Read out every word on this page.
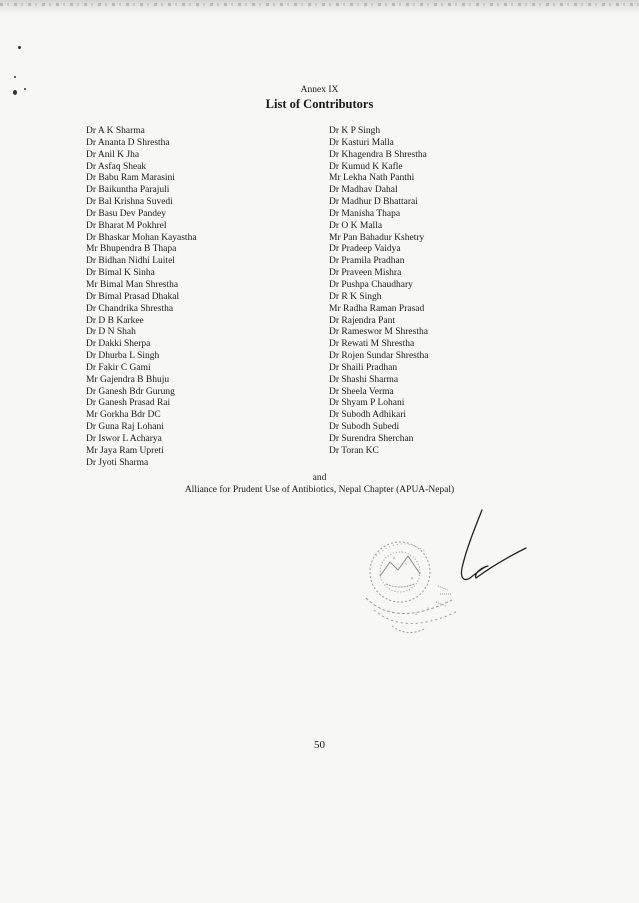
Annex IX
List of Contributors
Dr A K Sharma
Dr Ananta D Shrestha
Dr Anil K Jha
Dr Asfaq Sheak
Dr Babu Ram Marasini
Dr Baikuntha Parajuli
Dr Bal Krishna Suvedi
Dr Basu Dev Pandey
Dr Bharat M Pokhrel
Dr Bhaskar Mohan Kayastha
Mr Bhupendra B Thapa
Dr Bidhan Nidhi Luitel
Dr Bimal K Sinha
Mr Bimal Man Shrestha
Dr Bimal Prasad Dhakal
Dr Chandrika Shrestha
Dr D B Karkee
Dr D N Shah
Dr Dakki Sherpa
Dr Dhurba L Singh
Dr Fakir C Gami
Mr Gajendra B Bhuju
Dr Ganesh Bdr Gurung
Dr Ganesh Prasad Rai
Mr Gorkha Bdr DC
Dr Guna Raj Lohani
Dr Iswor L Acharya
Mr Jaya Ram Upreti
Dr Jyoti Sharma
Dr K P Singh
Dr Kasturi Malla
Dr Khagendra B Shrestha
Dr Kumud K Kafle
Mr Lekha Nath Panthi
Dr Madhav Dahal
Dr Madhur D Bhattarai
Dr Manisha Thapa
Dr O K Malla
Mr Pan Bahadur Kshetry
Dr Pradeep Vaidya
Dr Pramila Pradhan
Dr Praveen Mishra
Dr Pushpa Chaudhary
Dr R K Singh
Mr Radha Raman Prasad
Dr Rajendra Pant
Dr Rameswor M Shrestha
Dr Rewati M Shrestha
Dr Rojen Sundar Shrestha
Dr Shaili Pradhan
Dr Shashi Sharma
Dr Sheela Verma
Dr Shyam P Lohani
Dr Subodh Adhikari
Dr Subodh Subedi
Dr Surendra Sherchan
Dr Toran KC
and
Alliance for Prudent Use of Antibiotics, Nepal Chapter (APUA-Nepal)
50
